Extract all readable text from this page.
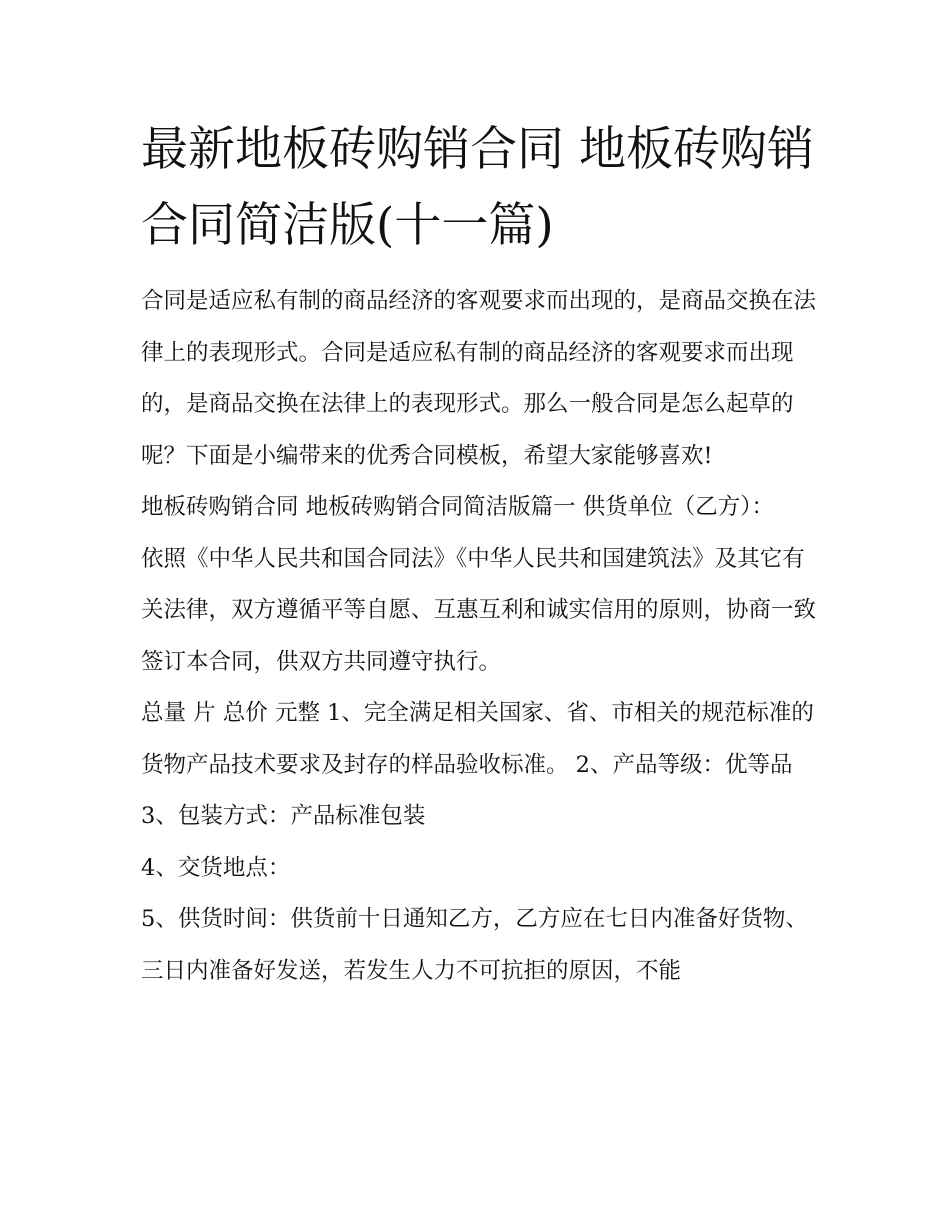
最新地板砖购销合同 地板砖购销合同简洁版(十一篇)

合同是适应私有制的商品经济的客观要求而出现的，是商品交换在法律上的表现形式。合同是适应私有制的商品经济的客观要求而出现的，是商品交换在法律上的表现形式。那么一般合同是怎么起草的呢？下面是小编带来的优秀合同模板，希望大家能够喜欢!

地板砖购销合同 地板砖购销合同简洁版篇一 供货单位（乙方）：

依照《中华人民共和国合同法》《中华人民共和国建筑法》及其它有关法律，双方遵循平等自愿、互惠互利和诚实信用的原则，协商一致签订本合同，供双方共同遵守执行。

总量 片 总价 元整 1、完全满足相关国家、省、市相关的规范标准的货物产品技术要求及封存的样品验收标准。 2、产品等级：优等品 3、包装方式：产品标准包装

4、交货地点：

5、供货时间：供货前十日通知乙方，乙方应在七日内准备好货物、三日内准备好发送，若发生人力不可抗拒的原因，不能
